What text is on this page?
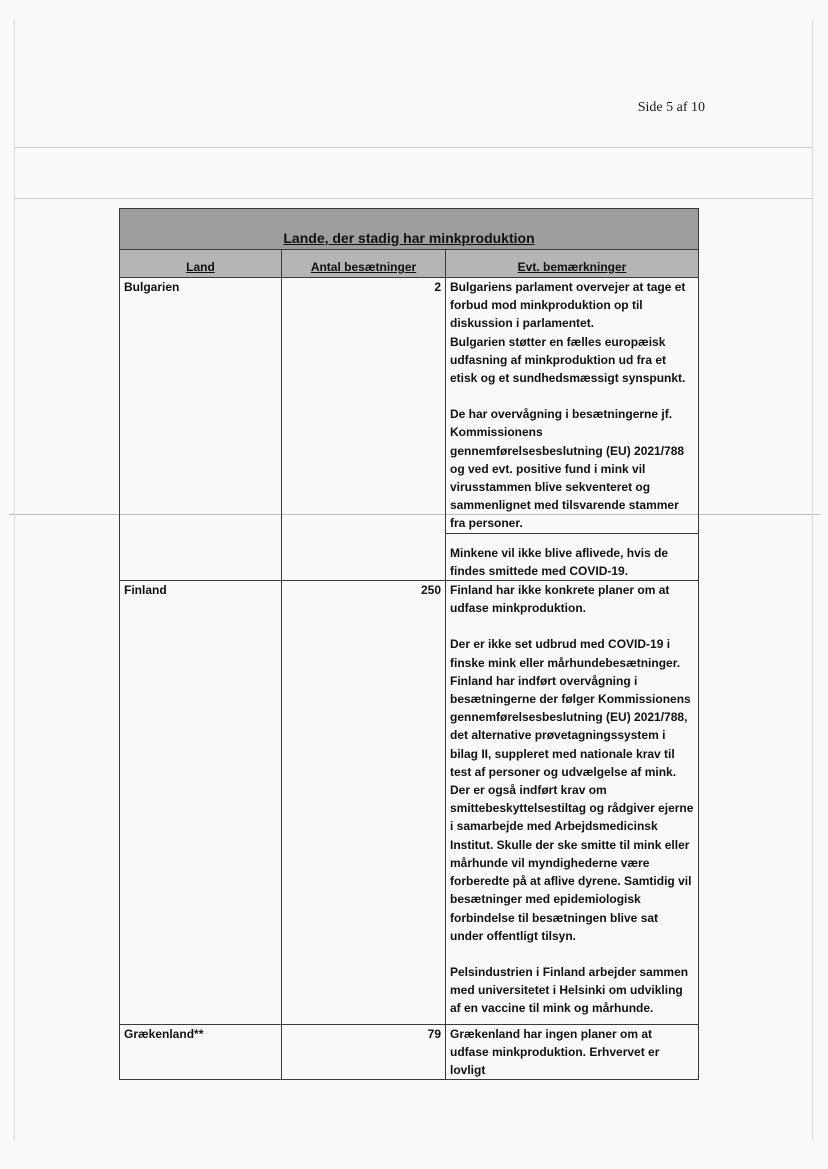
Side 5 af 10
Lande, der stadig har minkproduktion		
Land	Antal besætninger	Evt. bemærkninger
Bulgarien	2	Bulgariens parlament overvejer at tage et forbud mod minkproduktion op til diskussion i parlamentet.

Bulgarien støtter en fælles europæisk udfasning af minkproduktion ud fra et etisk og et sundhedsmæssigt synspunkt.

De har overvågning i besætningerne jf. Kommissionens gennemførelsesbeslutning (EU) 2021/788 og ved evt. positive fund i mink vil virusstammen blive sekventeret og sammenlignet med tilsvarende stammer fra personer.

		Minkene vil ikke blive aflivede, hvis de findes smittede med COVID-19.

Finland	250	Finland har ikke konkrete planer om at udfase minkproduktion.

Der er ikke set udbrud med COVID-19 i finske mink eller mårhundebesætninger. Finland har indført overvågning i besætningerne der følger Kommissionens gennemførelsesbeslutning (EU) 2021/788, det alternative prøvetagningssystem i bilag II, suppleret med nationale krav til test af personer og udvælgelse af mink. Der er også indført krav om smittebeskyttelsestiltag og rådgiver ejerne i samarbejde med Arbejdsmedicinsk Institut. Skulle der ske smitte til mink eller mårhunde vil myndighederne være forberedte på at aflive dyrene. Samtidig vil besætninger med epidemiologisk forbindelse til besætningen blive sat under offentligt tilsyn.

Pelsindustrien i Finland arbejder sammen med universitetet i Helsinki om udvikling af en vaccine til mink og mårhunde.

Grækenland**	79	Grækenland har ingen planer om at udfase minkproduktion. Erhvervet er lovligt
